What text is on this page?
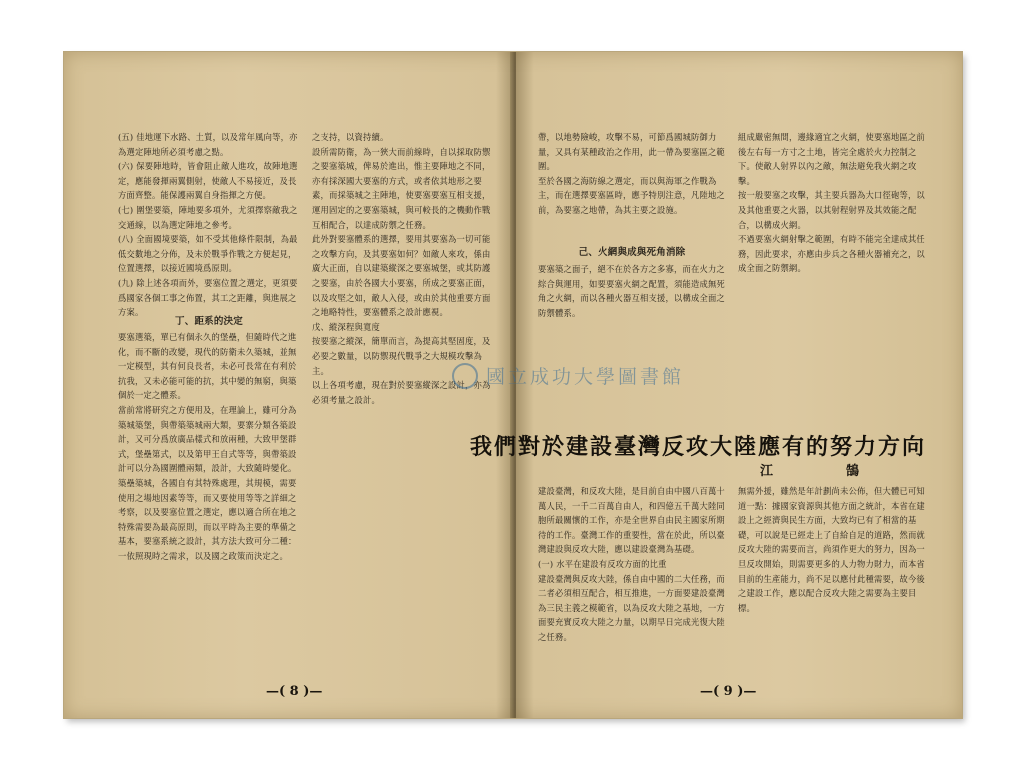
(五) 佳地運下水路、土質，以及常年風向等，亦為選定陣地所必須考慮之點。
(六) 保要陣地時，皆會阻止敵人進攻，故陣地選定，應能發揮兩翼側射，使敵人不易接近，及長方面齊整。能保護兩翼自身指揮之方便。
(七) 圍堡要築，陣地要多項外，尤須擇察敵我之交通線，以為選定陣地之參考。
(八) 全面國境要築，如不受其他條件限制，為最低交數地之分佈，及未於戰爭作戰之方便起見，位置選擇，以接近國境爲原則。
(九) 除上述各項而外，要塞位置之選定，更須要爲國家各個工事之佈置，其工之距離，與進展之方案。
丁、距系的決定
要塞選築，單已有個永久的堡壘，但隨時代之進化，而不斷的改變，現代的防衛未久築城，並無一定模型，其有何良長者，未必可長常在有利於抗我，又未必能可能的抗，其中變的無窮，與築個於一定之體系。
當前常將研究之方便用及，在理論上，雖可分為築城築堡，與帶築築城兩大類，要寨分類各築設計，又可分爲放廣品樣式和放兩種，大致甲堡群式，堡壘第式，以及第甲王自式等等，與帶築設計可以分為國圍體兩類，設計，大致隨時變化。
築壘築城，各國自有其特殊處理，其規模，需要使用之場地因素等等，而又要使用等等之詳細之考察，以及要塞位置之選定，應以適合所在地之特殊需要為最高原則，而以平時為主要的準備之基本，要塞系統之設計，其方法大致可分二種：一依照現時之需求，以及國之政策而決定之。
之支持，以資持續。
設所需防衛，為一狹大而前線時，自以採取防禦之要塞築城，俾易於進出，惟主要陣地之不同，亦有採深國大要塞的方式，或者依其地形之要素，而採築城之主陣地，使要塞要塞互相支援，運用固定的之要塞築城，與可較長的之機動作戰互相配合，以達成防禦之任務。
此外對要塞體系的選擇，要用其要塞為一切可能之攻擊方向，及其要塞如何？如敵人來攻，係由廣大正面，自以建築縱深之要塞城堡，或其防護之要塞，由於各國大小要塞，所成之要塞正面，以及攻堅之如，敵人入侵，或由於其他重要方面之地略特性，要塞體系之設計應視。
戊、縱深程與寬度
按要塞之縱深，簡單而言，為提高其堅固度，及必要之數量，以防禦現代戰爭之大規模攻擊為主。
以上各項考慮，現在對於要塞縱深之設計，亦為必須考量之設計。
—( 8 )—
帶，以地勢險峻，攻擊不易，可節爲國城防御力量，又具有某種政治之作用，此一帶為要塞區之範圍。
至於各國之海防線之選定，而以與海軍之作戰為主，而在選擇要塞區時，應予特別注意，凡陸地之前，為要塞之地帶，為其主要之設施。
己、火網與成與死角消除
要塞築之面子，絕不在於各方之多寡，而在火力之綜合與運用，如要要塞火網之配置，須能造成無死角之火網，而以各種火器互相支援，以構成全面之防禦體系。
組成嚴密無間，邊緣適宜之火網，使要塞地區之前後左右每一方寸之土地，皆完全處於火力控制之下。使敵人射界以內之敵，無法避免我火網之攻擊。
按一般要塞之攻擊，其主要兵器為大口徑砲等，以及其他重要之火器，以其射程射界及其效能之配合，以構成火網。
不過要塞火網射擊之範圍，有時不能完全達成其任務，因此要求，亦應由步兵之各種火器補充之，以成全面之防禦網。
建設臺灣，和反攻大陸，是目前自由中國八百萬十萬人民，一千二百萬自由人，和四億五千萬大陸同胞所最關懷的工作，亦是全世界自由民主國家所期待的工作。臺灣工作的重要性，當在於此，所以臺灣建設與反攻大陸，應以建設臺灣為基礎。
(一) 水平在建設有反攻方面的比重
建設臺灣與反攻大陸，係自由中國的二大任務，而二者必須相互配合，相互推進，一方面要建設臺灣為三民主義之模範省，以為反攻大陸之基地，一方面要充實反攻大陸之力量，以期早日完成光復大陸之任務。
無需外援，雖然是年計劃尚未公佈，但大體已可知道一點：據國家資源與其他方面之統計，本省在建設上之經濟與民生方面，大致均已有了相當的基礎，可以說是已經走上了自給自足的道路，然而就反攻大陸的需要而言，尚須作更大的努力，因為一旦反攻開始，則需要更多的人力物力財力，而本省目前的生產能力，尚不足以應付此種需要，故今後之建設工作，應以配合反攻大陸之需要為主要目標。
—( 9 )—
我們對於建設臺灣反攻大陸應有的努力方向
江　鵠
國立成功大學圖書館
